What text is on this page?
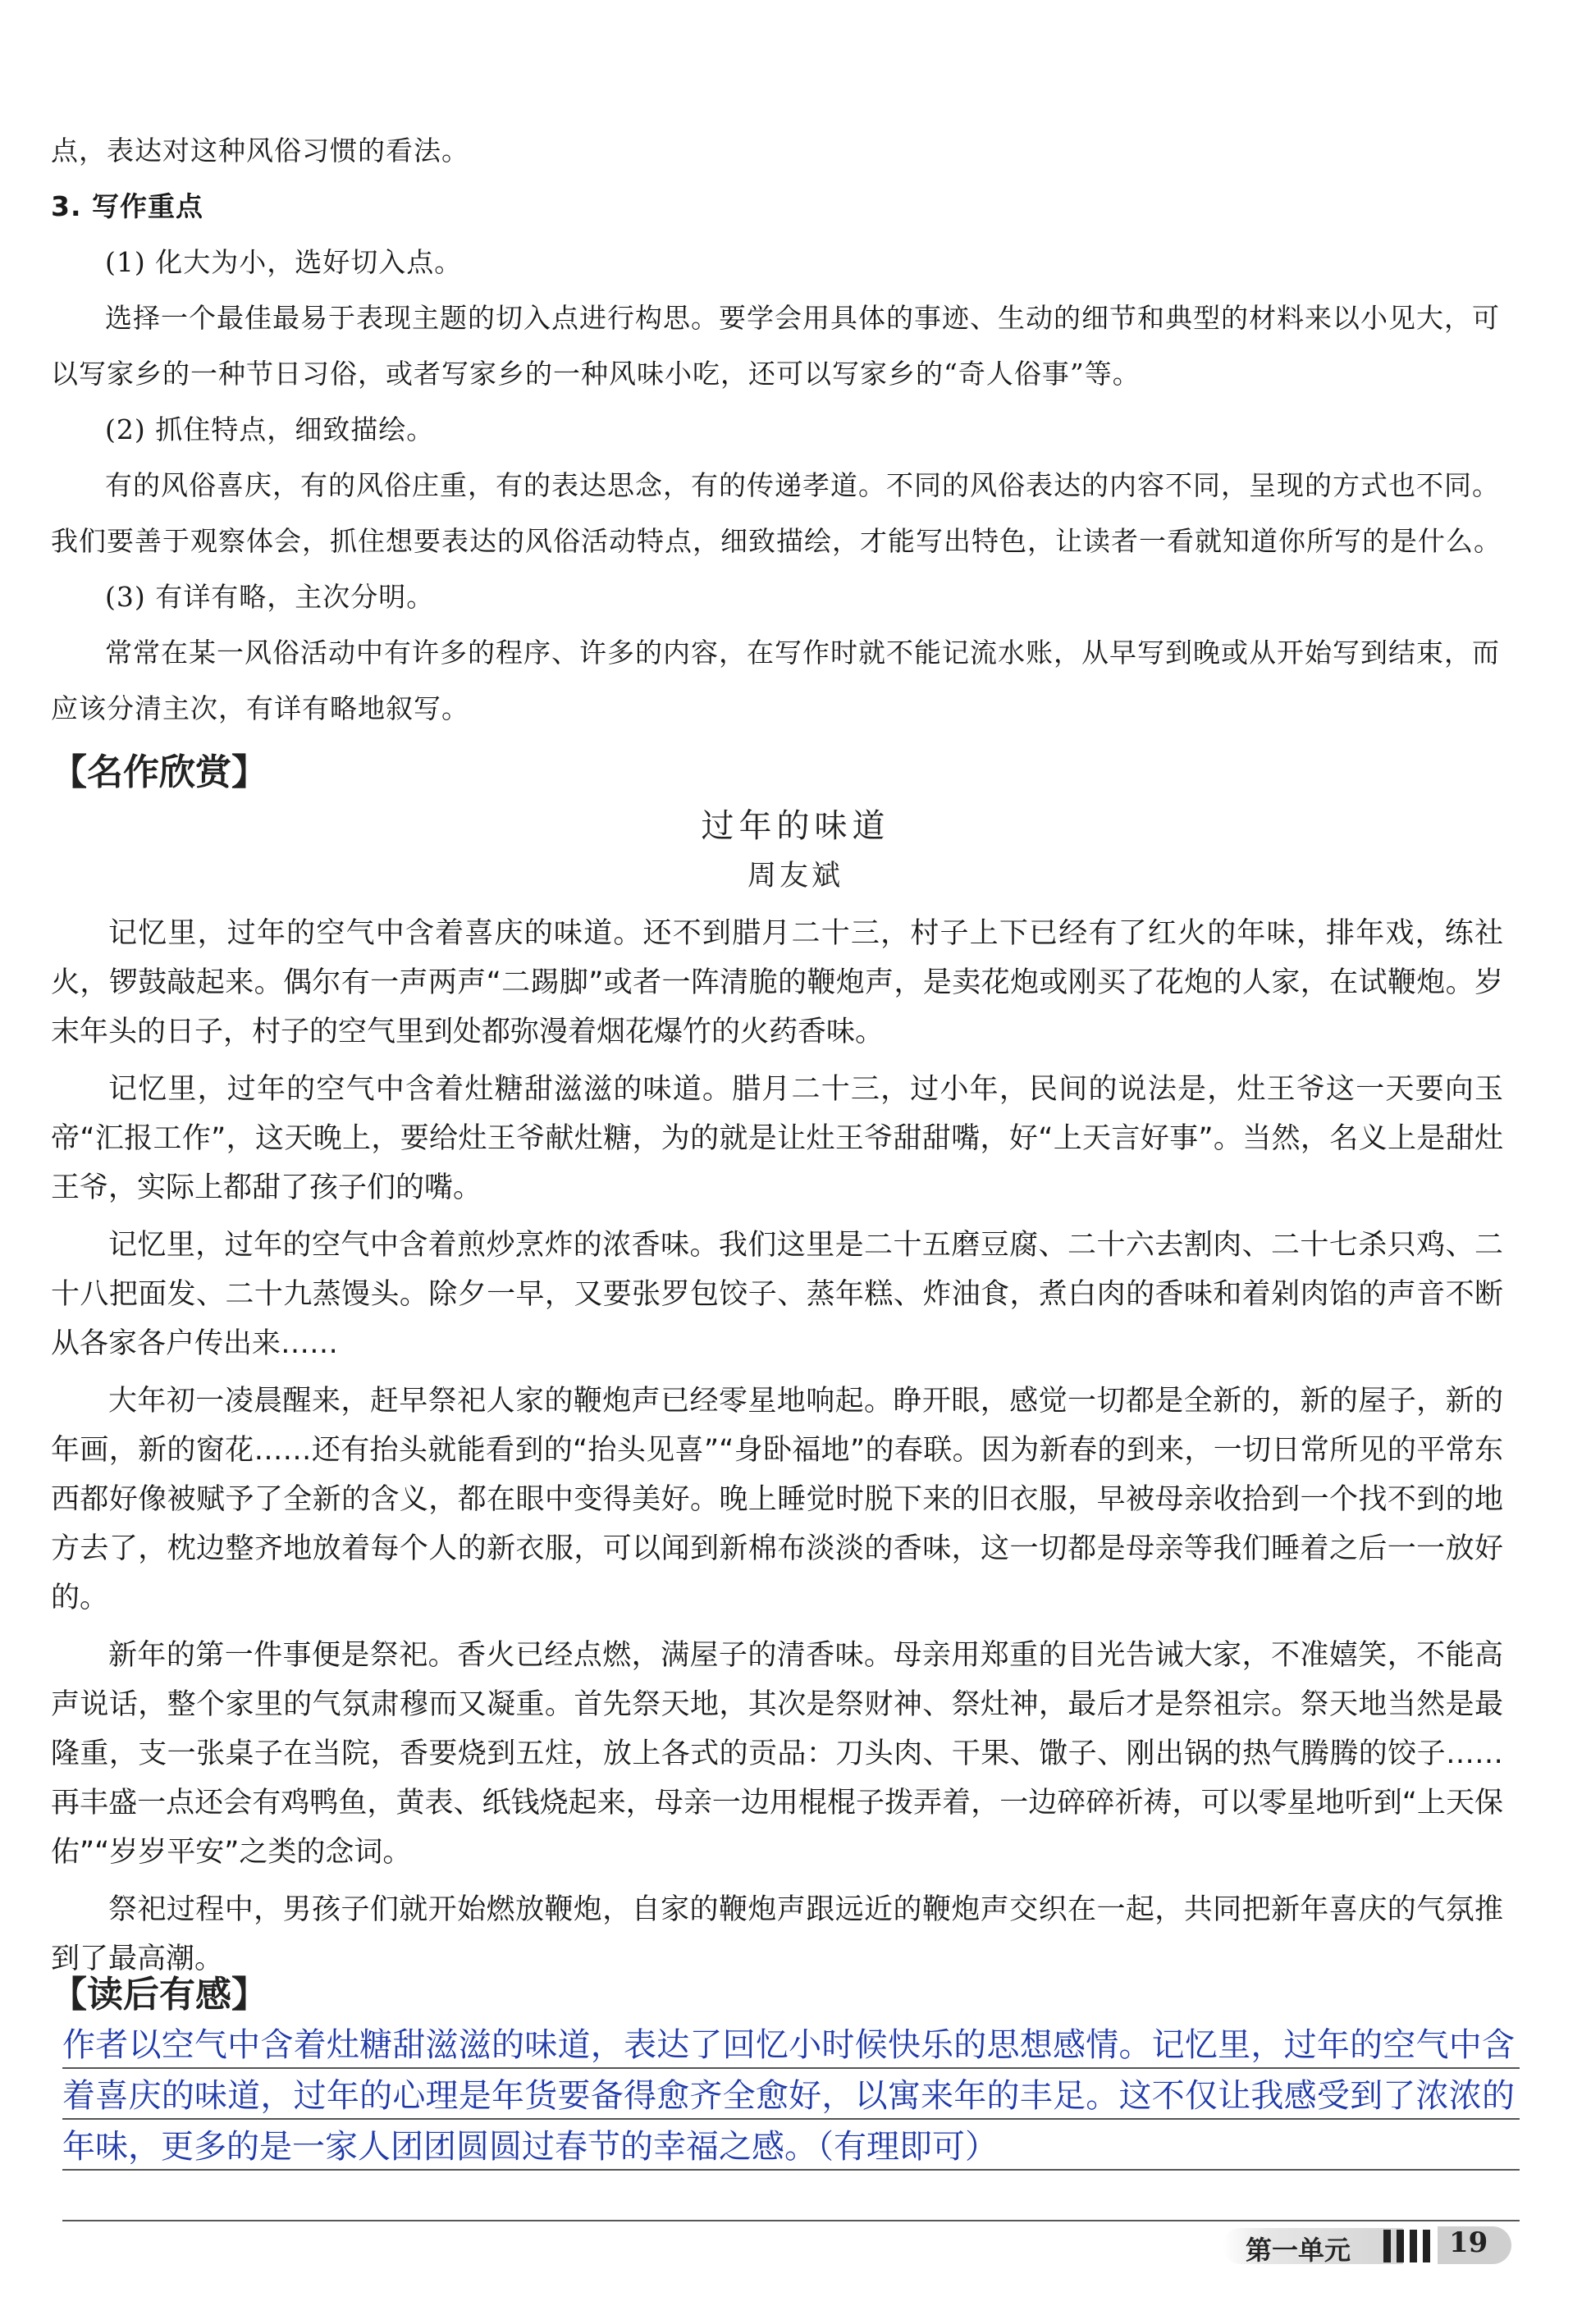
点，表达对这种风俗习惯的看法。

3. 写作重点

(1) 化大为小，选好切入点。

选择一个最佳最易于表现主题的切入点进行构思。要学会用具体的事迹、生动的细节和典型的材料来以小见大，可以写家乡的一种节日习俗，或者写家乡的一种风味小吃，还可以写家乡的“奇人俗事”等。

(2) 抓住特点，细致描绘。

有的风俗喜庆，有的风俗庄重，有的表达思念，有的传递孝道。不同的风俗表达的内容不同，呈现的方式也不同。我们要善于观察体会，抓住想要表达的风俗活动特点，细致描绘，才能写出特色，让读者一看就知道你所写的是什么。

(3) 有详有略，主次分明。

常常在某一风俗活动中有许多的程序、许多的内容，在写作时就不能记流水账，从早写到晚或从开始写到结束，而应该分清主次，有详有略地叙写。

【名作欣赏】
过年的味道
周友斌

记忆里，过年的空气中含着喜庆的味道。还不到腊月二十三，村子上下已经有了红火的年味，排年戏，练社火，锣鼓敲起来。偶尔有一声两声“二踢脚”或者一阵清脆的鞭炮声，是卖花炮或刚买了花炮的人家，在试鞭炮。岁末年头的日子，村子的空气里到处都弥漫着烟花爆竹的火药香味。

记忆里，过年的空气中含着灶糖甜滋滋的味道。腊月二十三，过小年，民间的说法是，灶王爷这一天要向玉帝“汇报工作”，这天晚上，要给灶王爷献灶糖，为的就是让灶王爷甜甜嘴，好“上天言好事”。当然，名义上是甜灶王爷，实际上都甜了孩子们的嘴。

记忆里，过年的空气中含着煎炒烹炸的浓香味。我们这里是二十五磨豆腐、二十六去割肉、二十七杀只鸡、二十八把面发、二十九蒸馒头。除夕一早，又要张罗包饺子、蒸年糕、炸油食，煮白肉的香味和着剁肉馅的声音不断从各家各户传出来……

大年初一凌晨醒来，赶早祭祀人家的鞭炮声已经零星地响起。睁开眼，感觉一切都是全新的，新的屋子，新的年画，新的窗花……还有抬头就能看到的“抬头见喜”“身卧福地”的春联。因为新春的到来，一切日常所见的平常东西都好像被赋予了全新的含义，都在眼中变得美好。晚上睡觉时脱下来的旧衣服，早被母亲收拾到一个找不到的地方去了，枕边整齐地放着每个人的新衣服，可以闻到新棉布淡淡的香味，这一切都是母亲等我们睡着之后一一放好的。

新年的第一件事便是祭祀。香火已经点燃，满屋子的清香味。母亲用郑重的目光告诫大家，不准嬉笑，不能高声说话，整个家里的气氛肃穆而又凝重。首先祭天地，其次是祭财神、祭灶神，最后才是祭祖宗。祭天地当然是最隆重，支一张桌子在当院，香要烧到五炷，放上各式的贡品：刀头肉、干果、馓子、刚出锅的热气腾腾的饺子……再丰盛一点还会有鸡鸭鱼，黄表、纸钱烧起来，母亲一边用棍棍子拨弄着，一边碎碎祈祷，可以零星地听到“上天保佑”“岁岁平安”之类的念词。

祭祀过程中，男孩子们就开始燃放鞭炮，自家的鞭炮声跟远近的鞭炮声交织在一起，共同把新年喜庆的气氛推到了最高潮。

【读后有感】
作者以空气中含着灶糖甜滋滋的味道，表达了回忆小时候快乐的思想感情。记忆里，过年的空气中含着喜庆的味道，过年的心理是年货要备得愈齐全愈好，以寓来年的丰足。这不仅让我感受到了浓浓的年味，更多的是一家人团团圆圆过春节的幸福之感。（有理即可）
第一单元	19
